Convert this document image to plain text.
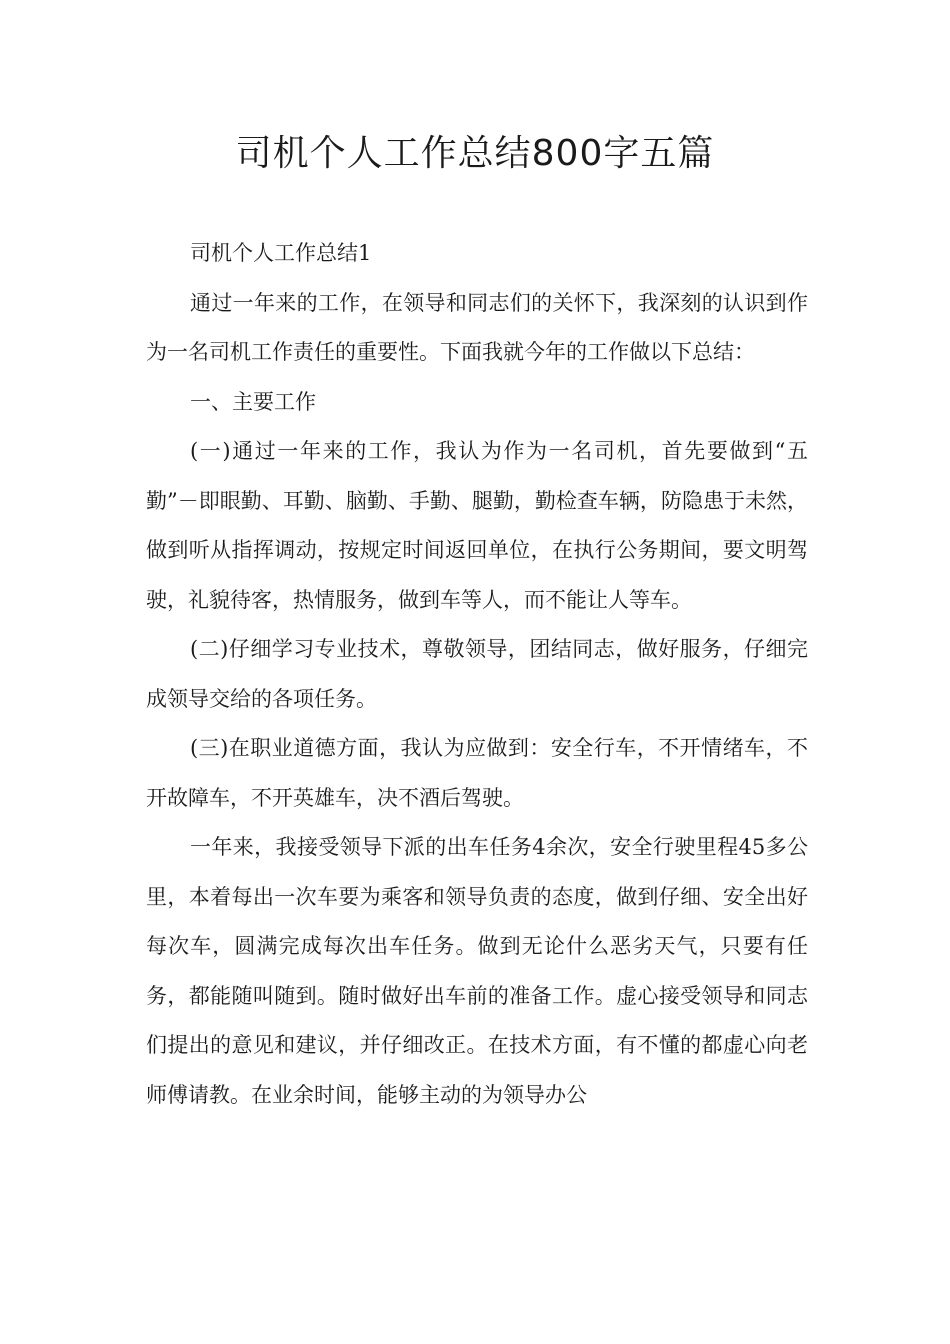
司机个人工作总结800字五篇

司机个人工作总结1

通过一年来的工作，在领导和同志们的关怀下，我深刻的认识到作为一名司机工作责任的重要性。下面我就今年的工作做以下总结：

一、主要工作

(一)通过一年来的工作，我认为作为一名司机，首先要做到“五勤”－即眼勤、耳勤、脑勤、手勤、腿勤，勤检查车辆，防隐患于未然，做到听从指挥调动，按规定时间返回单位，在执行公务期间，要文明驾驶，礼貌待客，热情服务，做到车等人，而不能让人等车。

(二)仔细学习专业技术，尊敬领导，团结同志，做好服务，仔细完成领导交给的各项任务。

(三)在职业道德方面，我认为应做到：安全行车，不开情绪车，不开故障车，不开英雄车，决不酒后驾驶。

一年来，我接受领导下派的出车任务4余次，安全行驶里程45多公里，本着每出一次车要为乘客和领导负责的态度，做到仔细、安全出好每次车，圆满完成每次出车任务。做到无论什么恶劣天气，只要有任务，都能随叫随到。随时做好出车前的准备工作。虚心接受领导和同志们提出的意见和建议，并仔细改正。在技术方面，有不懂的都虚心向老师傅请教。在业余时间，能够主动的为领导办公
